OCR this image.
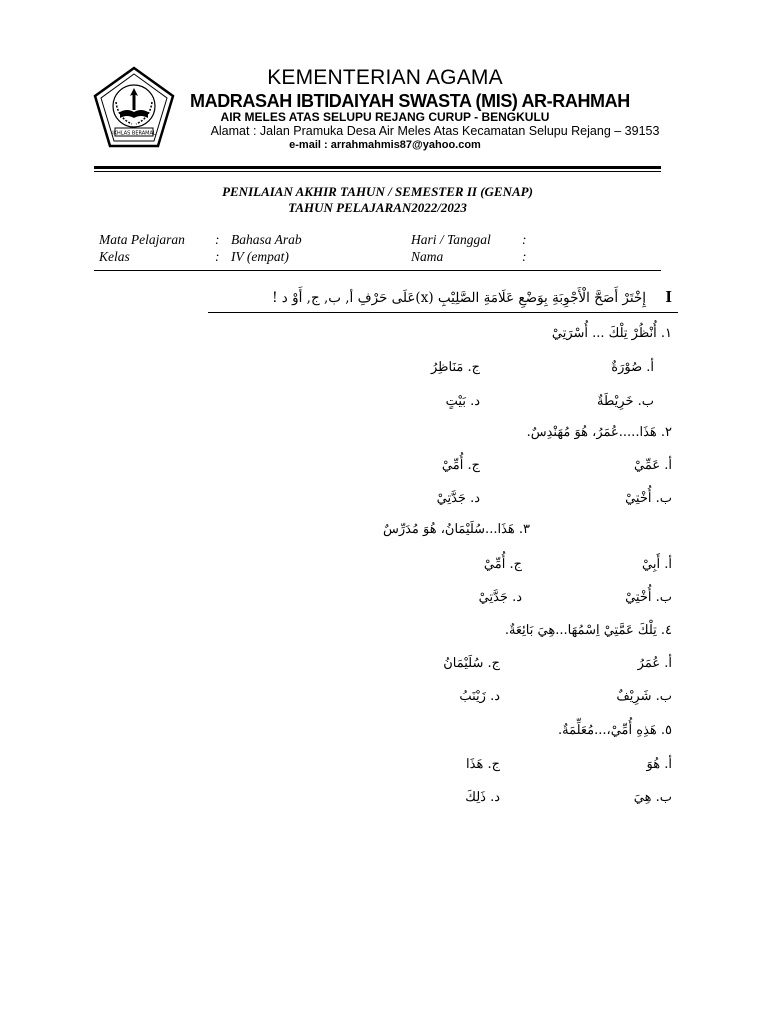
IKHLAS BERAMAL
KEMENTERIAN AGAMA
MADRASAH IBTIDAIYAH SWASTA (MIS) AR-RAHMAH
AIR MELES ATAS SELUPU REJANG CURUP - BENGKULU
Alamat : Jalan Pramuka Desa Air Meles Atas Kecamatan Selupu Rejang – 39153
e-mail : arrahmahmis87@yahoo.com
PENILAIAN AKHIR TAHUN / SEMESTER II (GENAP)
TAHUN PELAJARAN2022/2023
Mata Pelajaran : Bahasa Arab
Kelas	: IV (empat)
Hari / Tanggal :
Nama	:
I
إِخْتَرْ أَصَحَّ الْأَجْوِبَةِ بِوَضْعِ عَلَامَةِ الصَّلِيْبِ (x)عَلَى حَرْفِ أ, ب, ج, أَوْ د !
١. أُنْظُرْ تِلْكَ ... أُسْرَتِيْ
أ. صُوْرَةٌ
ج. مَنَاظِرُ
ب. خَرِيْطَةٌ
د. بَيْتٍ
٢. هَذَا.....عُمَرُ، هُوَ مُهَنْدِسٌ.
أ. عَمِّيْ
ج. أُمِّيْ
ب. أُخْتِيْ
د. جَدَّتِيْ
٣. هَذَا...سُلَيْمَانُ، هُوَ مُدَرِّسٌ
أ. أَبِيْ
ج. أُمِّيْ
ب. أُخْتِيْ
د. جَدَّتِيْ
٤. تِلْكَ عَمَّتِيْ اِسْمُهَا...هِيَ بَائِعَةٌ.
أ. عُمَرُ
ج. سُلَيْمَانُ
ب. شَرِيْفٌ
د. زَيْنَبُ
٥. هَذِهِ أُمِّيْ،...مُعَلِّمَةٌ.
أ. هُوَ
ج. هَذَا
ب. هِيَ
د. ذَلِكَ
